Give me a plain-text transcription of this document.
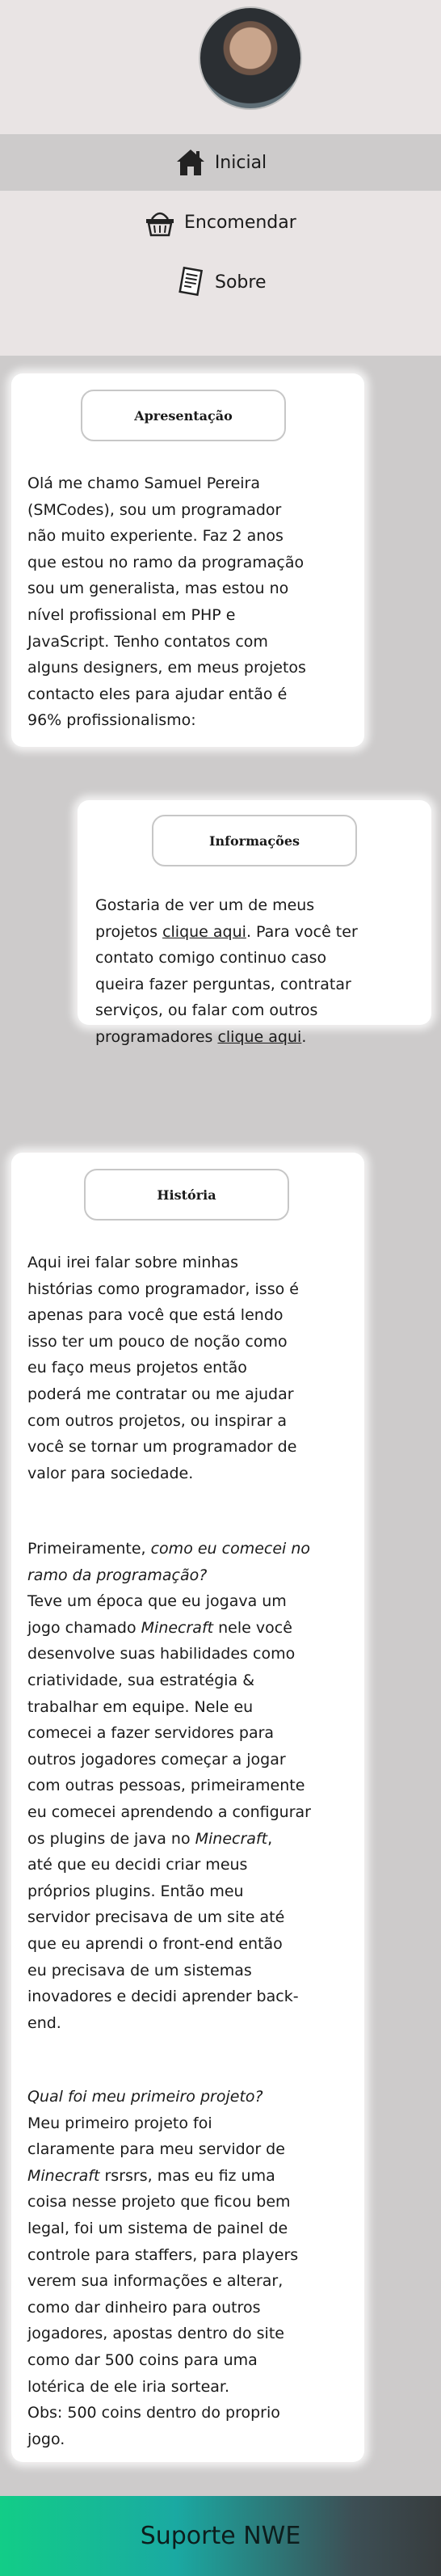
Inicial
Encomendar
Sobre
Apresentação

Olá me chamo Samuel Pereira

(SMCodes), sou um programador

não muito experiente. Faz 2 anos

que estou no ramo da programação

sou um generalista, mas estou no

nível profissional em PHP e

JavaScript. Tenho contatos com

alguns designers, em meus projetos

contacto eles para ajudar então é

96% profissionalismo:

Informações

Gostaria de ver um de meus

projetos clique aqui. Para você ter

contato comigo continuo caso

queira fazer perguntas, contratar

serviços, ou falar com outros

programadores clique aqui.

História

Aqui irei falar sobre minhas

histórias como programador, isso é

apenas para você que está lendo

isso ter um pouco de noção como

eu faço meus projetos então

poderá me contratar ou me ajudar

com outros projetos, ou inspirar a

você se tornar um programador de

valor para sociedade.

Primeiramente, como eu comecei no

ramo da programação?

Teve um época que eu jogava um

jogo chamado Minecraft nele você

desenvolve suas habilidades como

criatividade, sua estratégia &

trabalhar em equipe. Nele eu

comecei a fazer servidores para

outros jogadores começar a jogar

com outras pessoas, primeiramente

eu comecei aprendendo a configurar

os plugins de java no Minecraft,

até que eu decidi criar meus

próprios plugins. Então meu

servidor precisava de um site até

que eu aprendi o front-end então

eu precisava de um sistemas

inovadores e decidi aprender back-

end.

Qual foi meu primeiro projeto?

Meu primeiro projeto foi

claramente para meu servidor de

Minecraft rsrsrs, mas eu fiz uma

coisa nesse projeto que ficou bem

legal, foi um sistema de painel de

controle para staffers, para players

verem sua informações e alterar,

como dar dinheiro para outros

jogadores, apostas dentro do site

como dar 500 coins para uma

lotérica de ele iria sortear.

Obs: 500 coins dentro do proprio

jogo.

Suporte NWE
